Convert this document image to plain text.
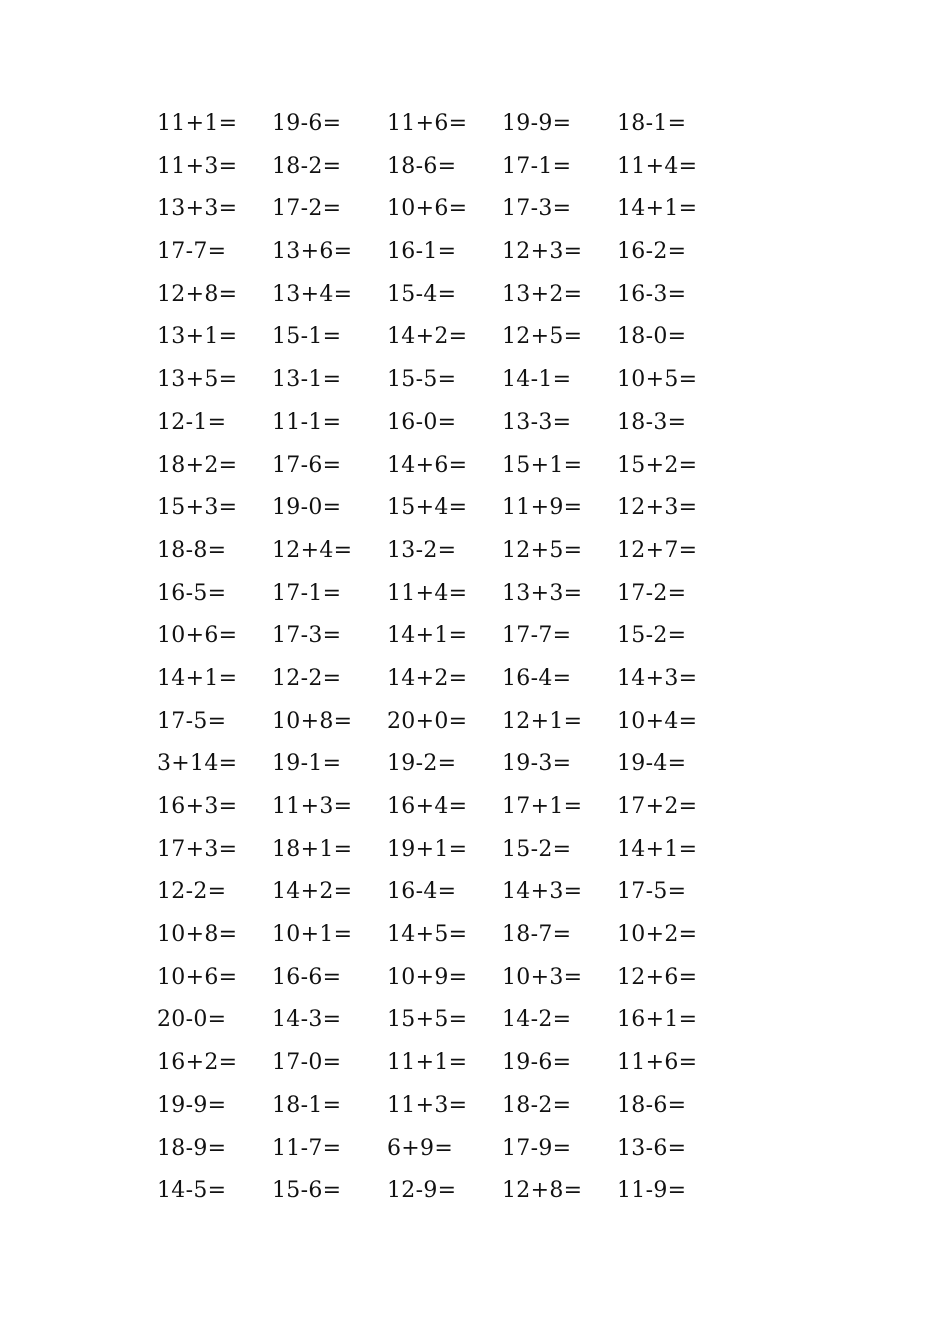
11+1=	19-6=	11+6=	19-9=	18-1=
11+3=	18-2=	18-6=	17-1=	11+4=
13+3=	17-2=	10+6=	17-3=	14+1=
17-7=	13+6=	16-1=	12+3=	16-2=
12+8=	13+4=	15-4=	13+2=	16-3=
13+1=	15-1=	14+2=	12+5=	18-0=
13+5=	13-1=	15-5=	14-1=	10+5=
12-1=	11-1=	16-0=	13-3=	18-3=
18+2=	17-6=	14+6=	15+1=	15+2=
15+3=	19-0=	15+4=	11+9=	12+3=
18-8=	12+4=	13-2=	12+5=	12+7=
16-5=	17-1=	11+4=	13+3=	17-2=
10+6=	17-3=	14+1=	17-7=	15-2=
14+1=	12-2=	14+2=	16-4=	14+3=
17-5=	10+8=	20+0=	12+1=	10+4=
3+14=	19-1=	19-2=	19-3=	19-4=
16+3=	11+3=	16+4=	17+1=	17+2=
17+3=	18+1=	19+1=	15-2=	14+1=
12-2=	14+2=	16-4=	14+3=	17-5=
10+8=	10+1=	14+5=	18-7=	10+2=
10+6=	16-6=	10+9=	10+3=	12+6=
20-0=	14-3=	15+5=	14-2=	16+1=
16+2=	17-0=	11+1=	19-6=	11+6=
19-9=	18-1=	11+3=	18-2=	18-6=
18-9=	11-7=	6+9=	17-9=	13-6=
14-5=	15-6=	12-9=	12+8=	11-9=
